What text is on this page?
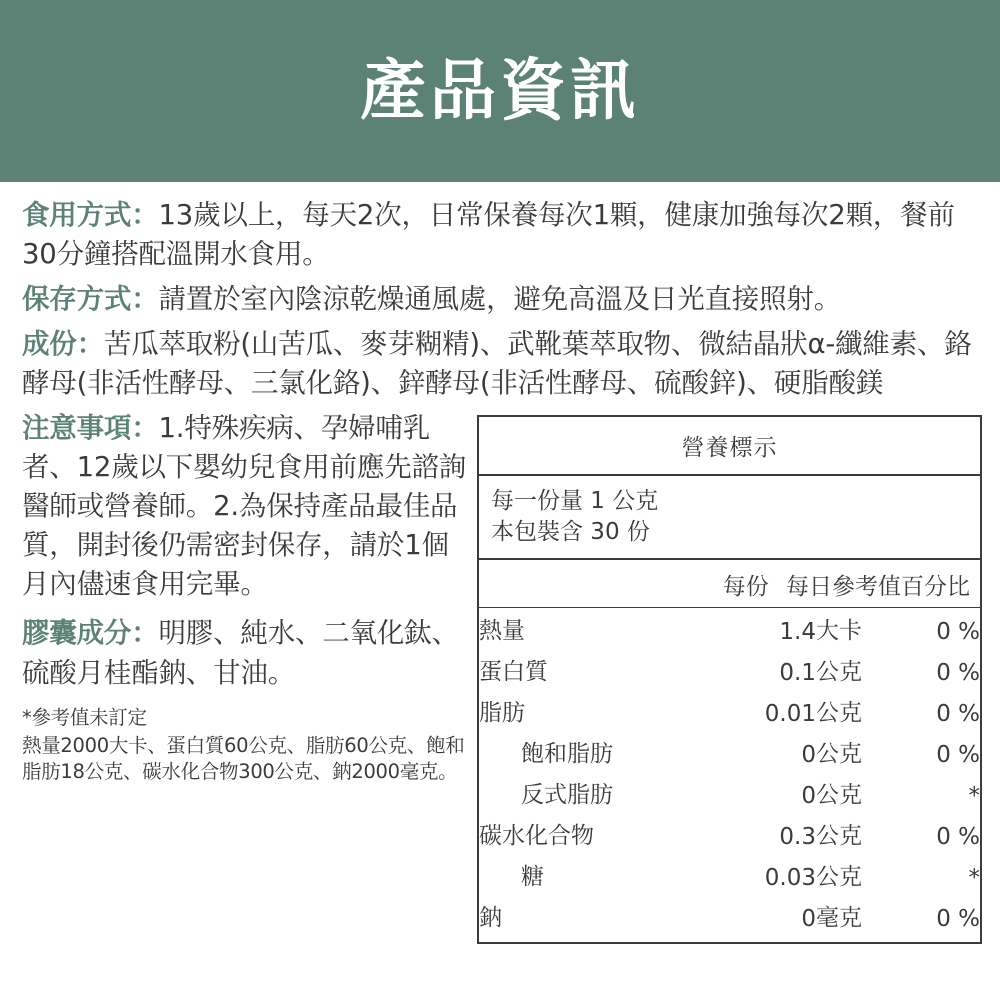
產品資訊

食用方式：13歲以上，每天2次，日常保養每次1顆，健康加強每次2顆，餐前30分鐘搭配溫開水食用。

保存方式：請置於室內陰涼乾燥通風處，避免高溫及日光直接照射。

成份：苦瓜萃取粉(山苦瓜、麥芽糊精)、武靴葉萃取物、微結晶狀α-纖維素、鉻酵母(非活性酵母、三氯化鉻)、鋅酵母(非活性酵母、硫酸鋅)、硬脂酸鎂

注意事項：1.特殊疾病、孕婦哺乳者、12歲以下嬰幼兒食用前應先諮詢醫師或營養師。2.為保持產品最佳品質，開封後仍需密封保存，請於1個月內儘速食用完畢。

膠囊成分：明膠、純水、二氧化鈦、硫酸月桂酯鈉、甘油。

*參考值未訂定
熱量2000大卡、蛋白質60公克、脂肪60公克、飽和脂肪18公克、碳水化合物300公克、鈉2000毫克。
營養標示
每一份量 1 公克
本包裝含 30 份
每份 每日參考值百分比
熱量	1.4	大卡	0 %
蛋白質	0.1	公克	0 %
脂肪	0.01	公克	0 %
飽和脂肪	0	公克	0 %
反式脂肪	0	公克	*
碳水化合物	0.3	公克	0 %
糖	0.03	公克	*
鈉	0	毫克	0 %
